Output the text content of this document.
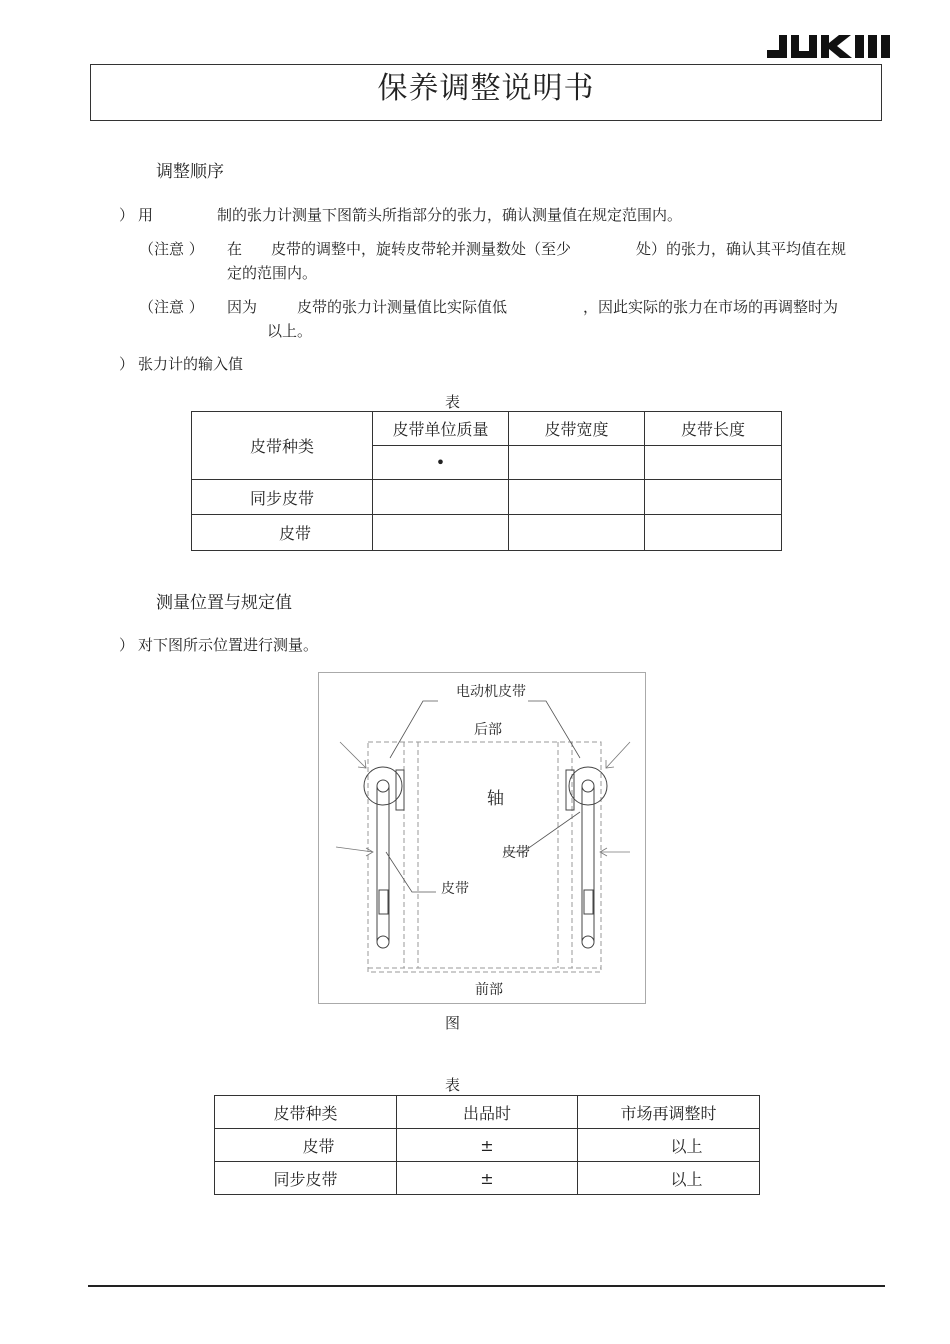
保养调整说明书
调整顺序
） 用	制的张力计测量下图箭头所指部分的张力，确认测量值在规定范围内。
（注意 ） 在 皮带的调整中，旋转皮带轮并测量数处（至少	处）的张力，确认其平均值在规
定的范围内。
（注意 ） 因为	皮带的张力计测量值比实际值低	，因此实际的张力在市场的再调整时为
以上。
） 张力计的输入值
表
皮带种类	皮带单位质量	皮带宽度	皮带长度
	•		
同步皮带			
皮带			
测量位置与规定值
） 对下图所示位置进行测量。
电动机皮带
后部
轴
皮带
皮带
前部
图
表
皮带种类	出品时	市场再调整时
皮带	±	以上
同步皮带	±	以上
